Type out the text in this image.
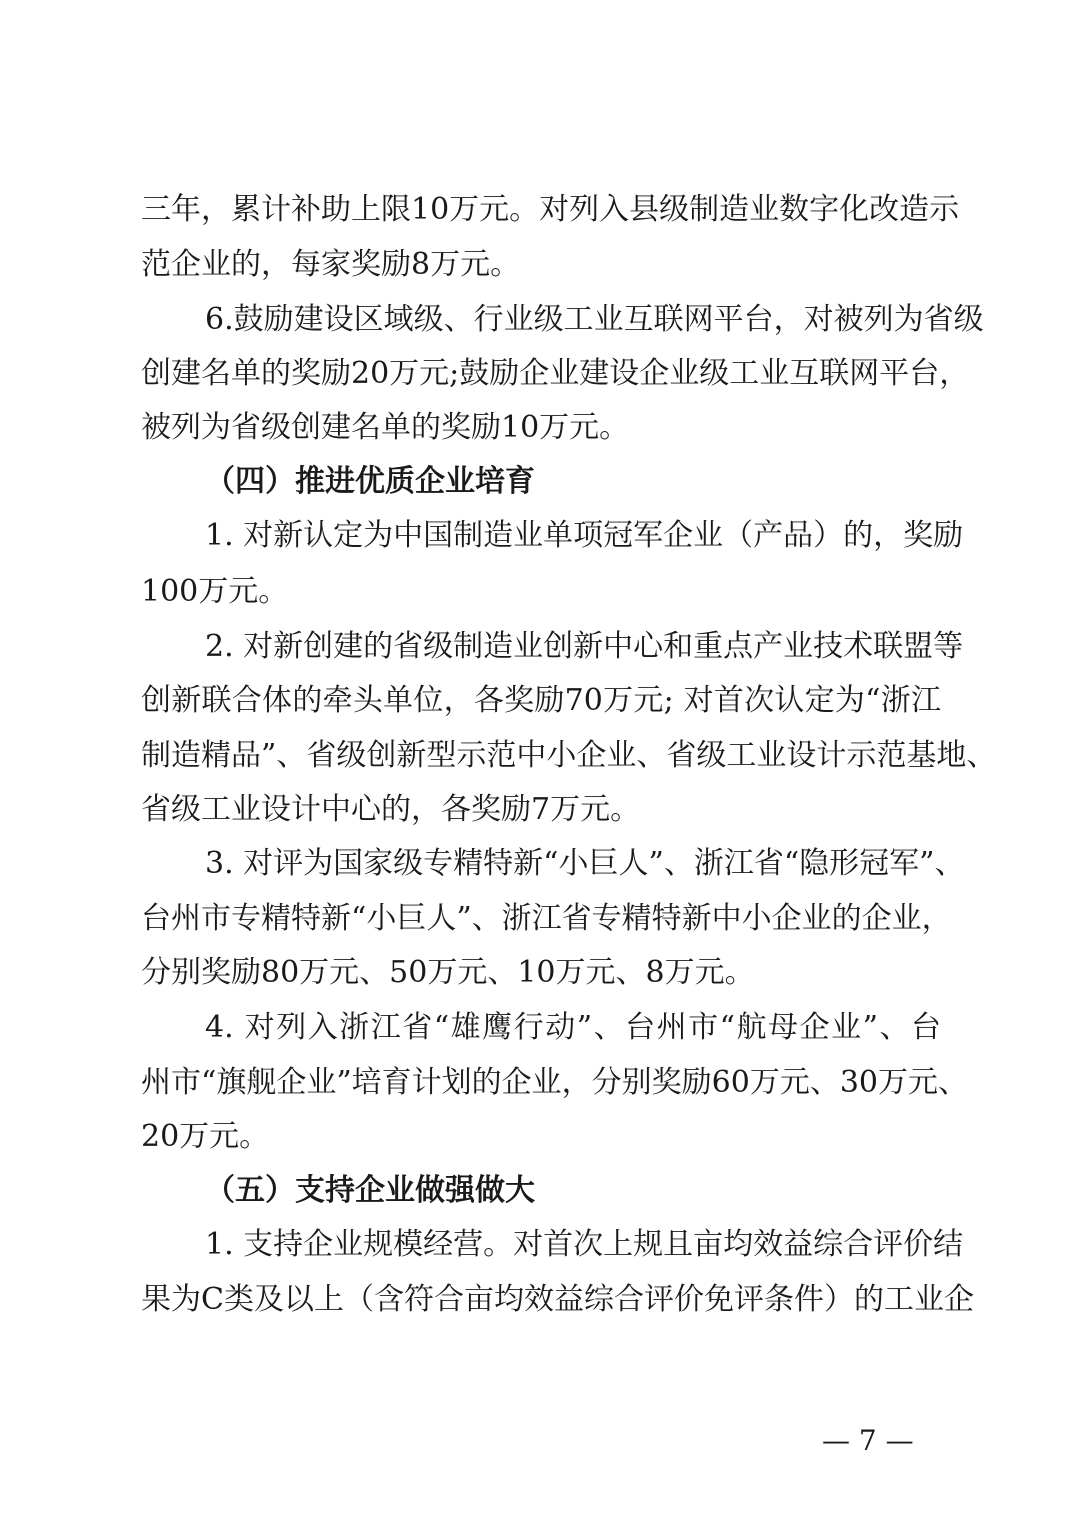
三年，累计补助上限10万元。对列入县级制造业数字化改造示
范企业的，每家奖励8万元。
6.鼓励建设区域级、行业级工业互联网平台，对被列为省级
创建名单的奖励20万元;鼓励企业建设企业级工业互联网平台，
被列为省级创建名单的奖励10万元。
（四）推进优质企业培育
1. 对新认定为中国制造业单项冠军企业（产品）的，奖励
100万元。
2. 对新创建的省级制造业创新中心和重点产业技术联盟等
创新联合体的牵头单位，各奖励70万元; 对首次认定为“浙江
制造精品”、省级创新型示范中小企业、省级工业设计示范基地、
省级工业设计中心的，各奖励7万元。
3. 对评为国家级专精特新“小巨人”、浙江省“隐形冠军”、
台州市专精特新“小巨人”、浙江省专精特新中小企业的企业，
分别奖励80万元、50万元、10万元、8万元。
4. 对列入浙江省“雄鹰行动”、台州市“航母企业”、台
州市“旗舰企业”培育计划的企业，分别奖励60万元、30万元、
20万元。
（五）支持企业做强做大
1. 支持企业规模经营。对首次上规且亩均效益综合评价结
果为C类及以上（含符合亩均效益综合评价免评条件）的工业企
— 7 —
